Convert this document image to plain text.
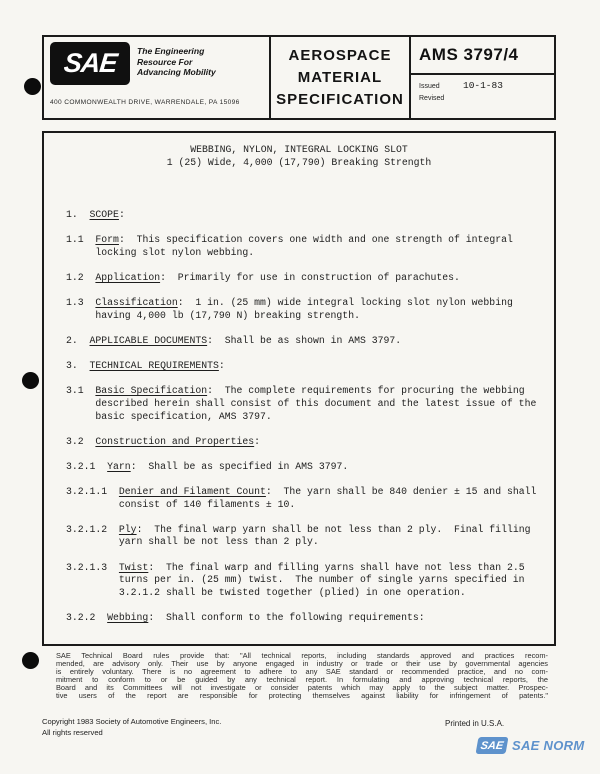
SAE The Engineering
Resource For
Advancing Mobility
400 COMMONWEALTH DRIVE, WARRENDALE, PA 15096
AEROSPACE
MATERIAL
SPECIFICATION
AMS 3797/4
Issued	10-1-83
Revised
WEBBING, NYLON, INTEGRAL LOCKING SLOT
1 (25) Wide, 4,000 (17,790) Breaking Strength
1.  SCOPE:
1.1  Form:  This specification covers one width and one strength of integral locking slot nylon webbing.
1.2  Application:  Primarily for use in construction of parachutes.
1.3  Classification:  1 in. (25 mm) wide integral locking slot nylon webbing having 4,000 lb (17,790 N) breaking strength.
2.  APPLICABLE DOCUMENTS:  Shall be as shown in AMS 3797.
3.  TECHNICAL REQUIREMENTS:
3.1  Basic Specification:  The complete requirements for procuring the webbing described herein shall consist of this document and the latest issue of the basic specification, AMS 3797.
3.2  Construction and Properties:
3.2.1  Yarn:  Shall be as specified in AMS 3797.
3.2.1.1  Denier and Filament Count:  The yarn shall be 840 denier ± 15 and shall consist of 140 filaments ± 10.
3.2.1.2  Ply:  The final warp yarn shall be not less than 2 ply.  Final filling yarn shall be not less than 2 ply.
3.2.1.3  Twist:  The final warp and filling yarns shall have not less than 2.5 turns per in. (25 mm) twist.  The number of single yarns specified in 3.2.1.2 shall be twisted together (plied) in one operation.
3.2.2  Webbing:  Shall conform to the following requirements:
SAE Technical Board rules provide that: "All technical reports, including standards approved and practices recom-
mended, are advisory only. Their use by anyone engaged in industry or trade or their use by governmental agencies
is entirely voluntary. There is no agreement to adhere to any SAE standard or recommended practice, and no com-
mitment to conform to or be guided by any technical report. In formulating and approving technical reports, the
Board and its Committees will not investigate or consider patents which may apply to the subject matter. Prospec-
tive users of the report are responsible for protecting themselves against liability for infringement of patents."
Copyright 1983 Society of Automotive Engineers, Inc.
All rights reserved
Printed in U.S.A.
SAE SAE NORM
